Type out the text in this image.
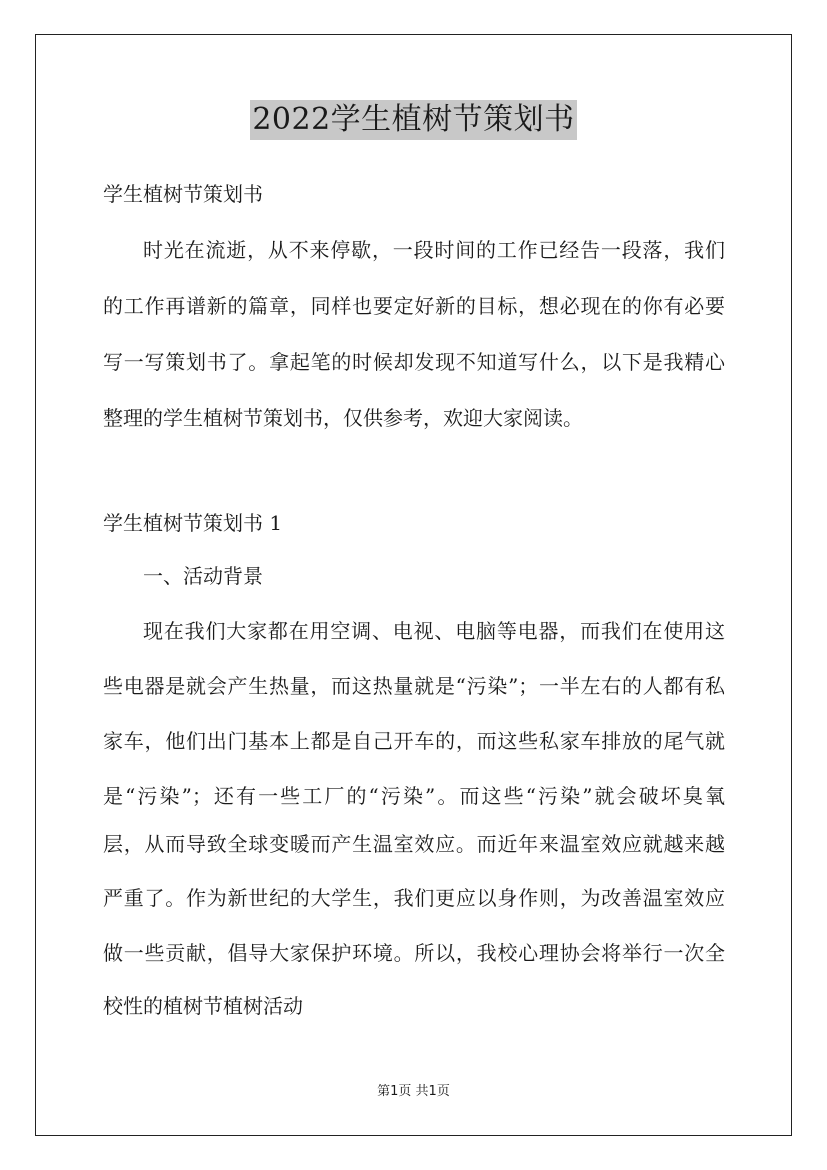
2022学生植树节策划书
学生植树节策划书
时光在流逝，从不来停歇，一段时间的工作已经告一段落，我们
的工作再谱新的篇章，同样也要定好新的目标，想必现在的你有必要
写一写策划书了。拿起笔的时候却发现不知道写什么，以下是我精心
整理的学生植树节策划书，仅供参考，欢迎大家阅读。
学生植树节策划书 1
一、活动背景
现在我们大家都在用空调、电视、电脑等电器，而我们在使用这
些电器是就会产生热量，而这热量就是“污染”；一半左右的人都有私
家车，他们出门基本上都是自己开车的，而这些私家车排放的尾气就
是“污染”；还有一些工厂的“污染”。而这些“污染”就会破坏臭氧
层，从而导致全球变暖而产生温室效应。而近年来温室效应就越来越
严重了。作为新世纪的大学生，我们更应以身作则，为改善温室效应
做一些贡献，倡导大家保护环境。所以，我校心理协会将举行一次全
校性的植树节植树活动
第1页 共1页
